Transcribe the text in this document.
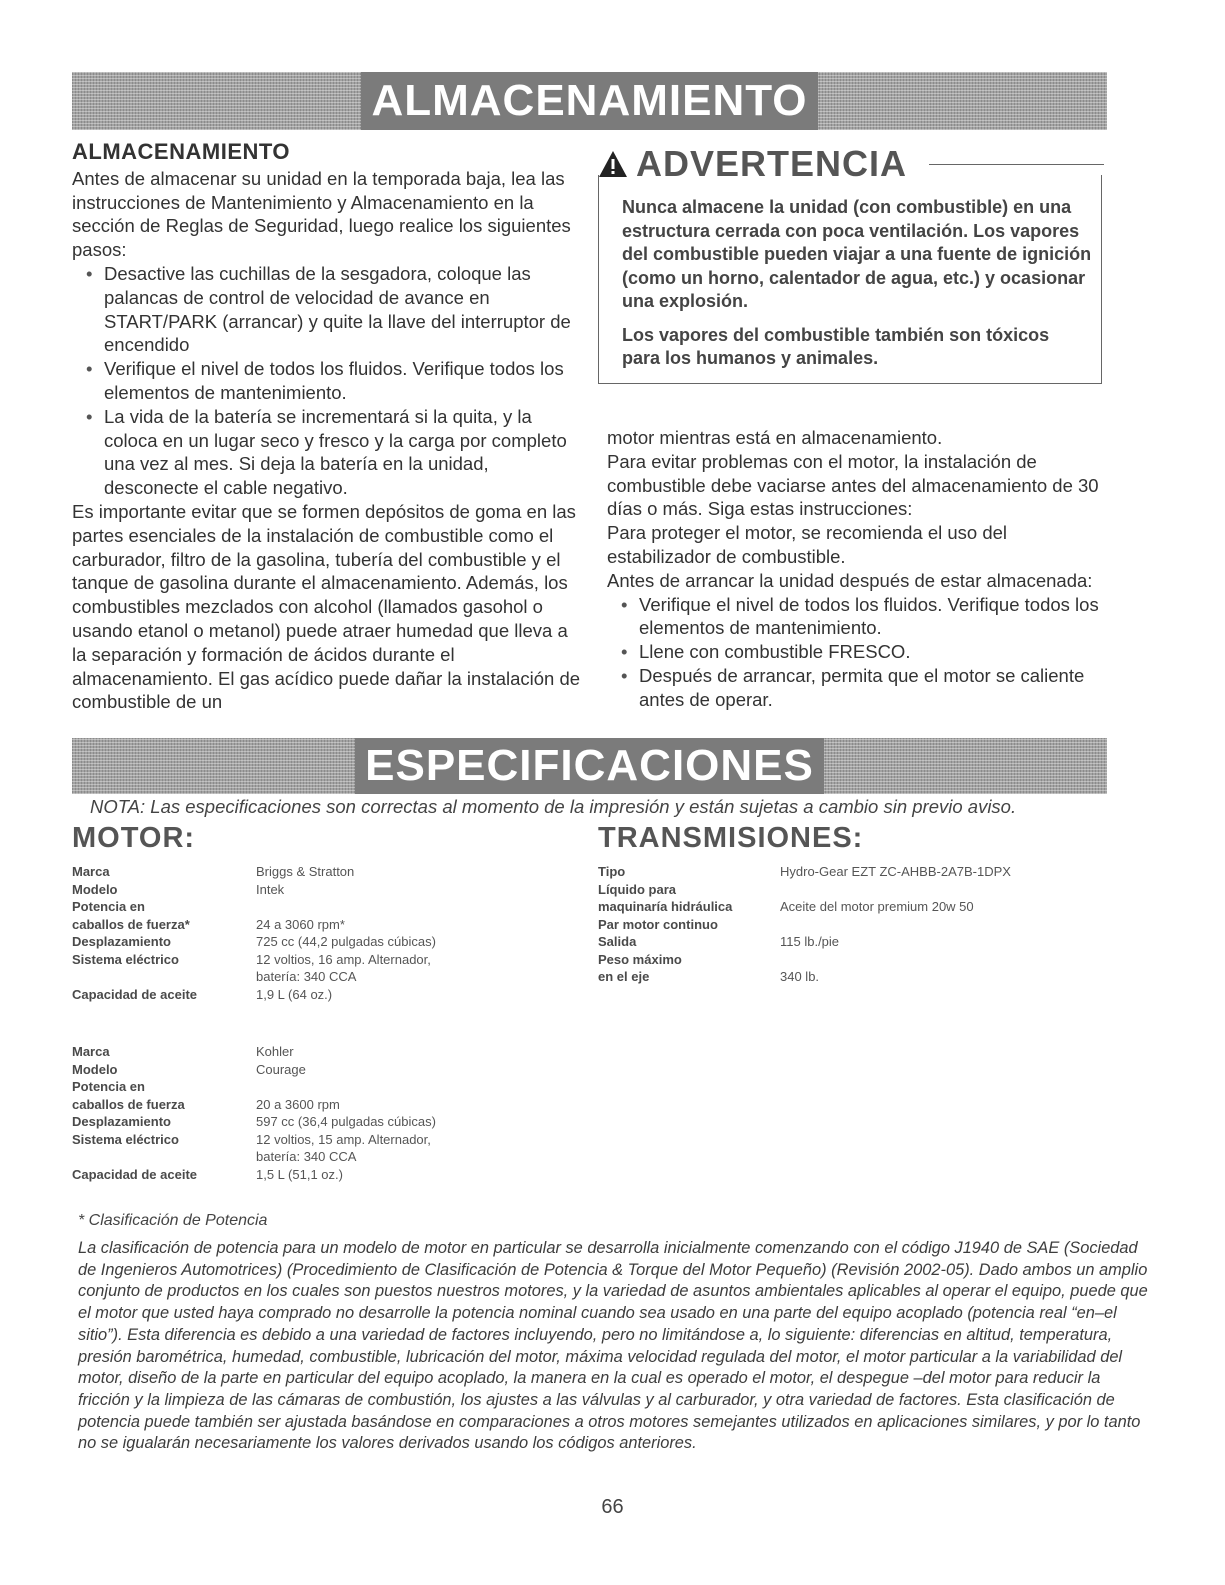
ALMACENAMIENTO
ALMACENAMIENTO

Antes de almacenar su unidad en la temporada baja, lea las instrucciones de Mantenimiento y Almacenamiento en la sección de Reglas de Seguridad, luego realice los siguientes pasos:

• Desactive las cuchillas de la sesgadora, coloque las palancas de control de velocidad de avance en START/PARK (arrancar) y quite la llave del interruptor de encendido
• Verifique el nivel de todos los fluidos. Verifique todos los elementos de mantenimiento.
• La vida de la batería se incrementará si la quita, y la coloca en un lugar seco y fresco y la carga por completo una vez al mes. Si deja la batería en la unidad, desconecte el cable negativo.

Es importante evitar que se formen depósitos de goma en las partes esenciales de la instalación de combustible como el carburador, filtro de la gasolina, tubería del combustible y el tanque de gasolina durante el almacenamiento. Además, los combustibles mezclados con alcohol (llamados gasohol o usando etanol o metanol) puede atraer humedad que lleva a la separación y formación de ácidos durante el almacenamiento. El gas acídico puede dañar la instalación de combustible de un

ADVERTENCIA

Nunca almacene la unidad (con combustible) en una estructura cerrada con poca ventilación. Los vapores del combustible pueden viajar a una fuente de ignición (como un horno, calentador de agua, etc.) y ocasionar una explosión.

Los vapores del combustible también son tóxicos para los humanos y animales.

motor mientras está en almacenamiento.

Para evitar problemas con el motor, la instalación de combustible debe vaciarse antes del almacenamiento de 30 días o más. Siga estas instrucciones:

Para proteger el motor, se recomienda el uso del estabilizador de combustible.

Antes de arrancar la unidad después de estar almacenada:

• Verifique el nivel de todos los fluidos. Verifique todos los elementos de mantenimiento.
• Llene con combustible FRESCO.
• Después de arrancar, permita que el motor se caliente antes de operar.
ESPECIFICACIONES
NOTA: Las especificaciones son correctas al momento de la impresión y están sujetas a cambio sin previo aviso.
MOTOR:	TRANSMISIONES:
Marca	Briggs & Stratton
Modelo	Intek
Potencia en
caballos de fuerza*	24 a 3060 rpm*
Desplazamiento	725 cc (44,2 pulgadas cúbicas)
Sistema eléctrico	12 voltios, 16 amp. Alternador,
batería: 340 CCA
Capacidad de aceite	1,9 L (64 oz.)
Marca	Kohler
Modelo	Courage
Potencia en
caballos de fuerza	20 a 3600 rpm
Desplazamiento	597 cc (36,4 pulgadas cúbicas)
Sistema eléctrico	12 voltios, 15 amp. Alternador,
batería: 340 CCA
Capacidad de aceite	1,5 L (51,1 oz.)
Tipo	Hydro-Gear EZT ZC-AHBB-2A7B-1DPX
Líquido para
maquinaría hidráulica	Aceite del motor premium 20w 50
Par motor continuo
Salida	115 lb./pie
Peso máximo
en el eje	340 lb.
* Clasificación de Potencia
La clasificación de potencia para un modelo de motor en particular se desarrolla inicialmente comenzando con el código J1940 de SAE (Sociedad de Ingenieros Automotrices) (Procedimiento de Clasificación de Potencia & Torque del Motor Pequeño) (Revisión 2002-05). Dado ambos un amplio conjunto de productos en los cuales son puestos nuestros motores, y la variedad de asuntos ambientales aplicables al operar el equipo, puede que el motor que usted haya comprado no desarrolle la potencia nominal cuando sea usado en una parte del equipo acoplado (potencia real “en–el sitio”). Esta diferencia es debido a una variedad de factores incluyendo, pero no limitándose a, lo siguiente: diferencias en altitud, temperatura, presión barométrica, humedad, combustible, lubricación del motor, máxima velocidad regulada del motor, el motor particular a la variabilidad del motor, diseño de la parte en particular del equipo acoplado, la manera en la cual es operado el motor, el despegue –del motor para reducir la fricción y la limpieza de las cámaras de combustión, los ajustes a las válvulas y al carburador, y otra variedad de factores. Esta clasificación de potencia puede también ser ajustada basándose en comparaciones a otros motores semejantes utilizados en aplicaciones similares, y por lo tanto no se igualarán necesariamente los valores derivados usando los códigos anteriores.
66
